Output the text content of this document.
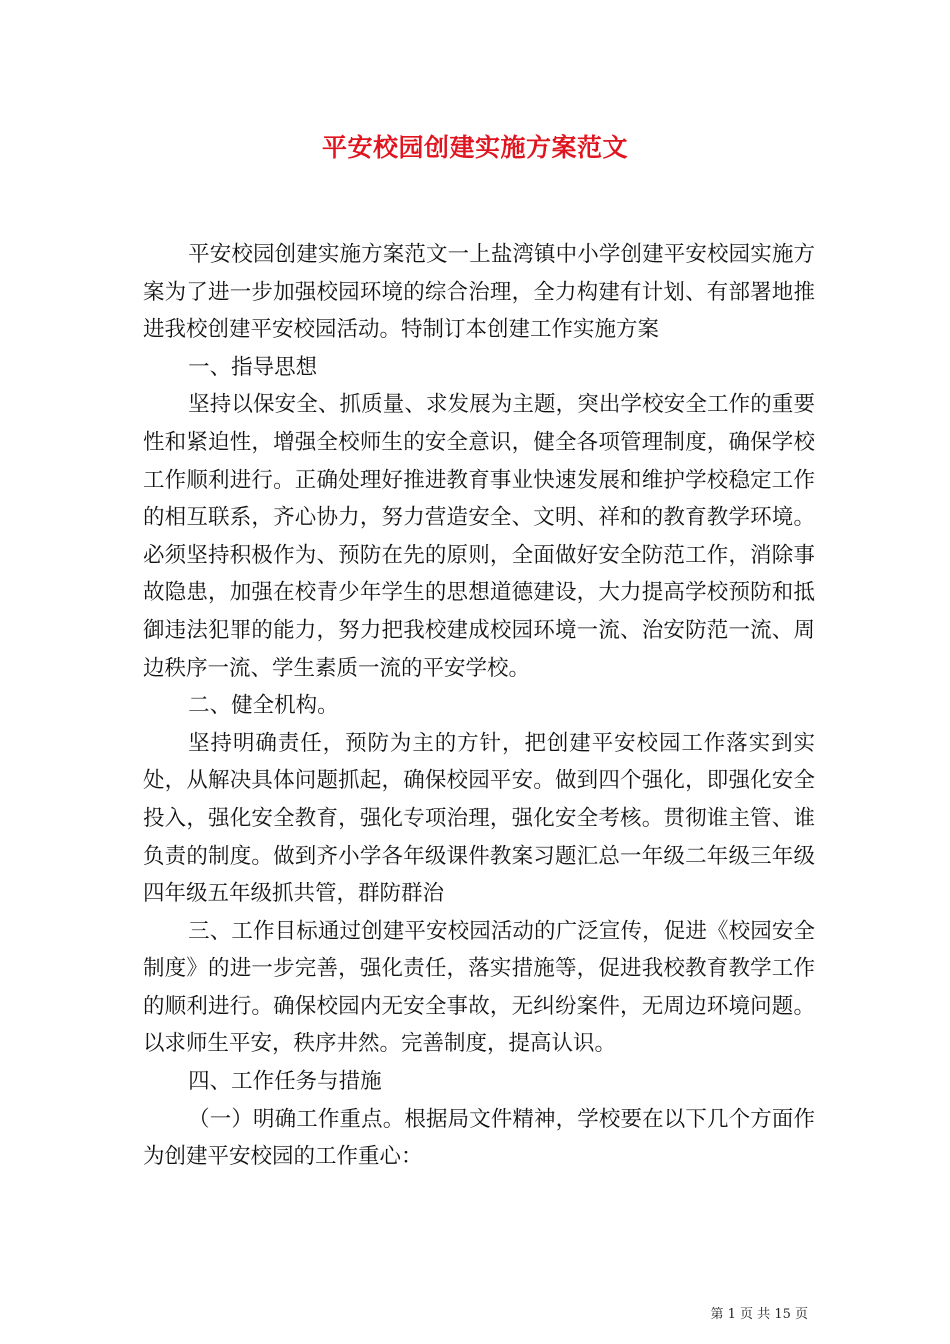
平安校园创建实施方案范文

平安校园创建实施方案范文一上盐湾镇中小学创建平安校园实施方案为了进一步加强校园环境的综合治理，全力构建有计划、有部署地推进我校创建平安校园活动。特制订本创建工作实施方案

一、指导思想

坚持以保安全、抓质量、求发展为主题，突出学校安全工作的重要性和紧迫性，增强全校师生的安全意识，健全各项管理制度，确保学校工作顺利进行。正确处理好推进教育事业快速发展和维护学校稳定工作的相互联系，齐心协力，努力营造安全、文明、祥和的教育教学环境。必须坚持积极作为、预防在先的原则，全面做好安全防范工作，消除事故隐患，加强在校青少年学生的思想道德建设，大力提高学校预防和抵御违法犯罪的能力，努力把我校建成校园环境一流、治安防范一流、周边秩序一流、学生素质一流的平安学校。

二、健全机构。

坚持明确责任，预防为主的方针，把创建平安校园工作落实到实处，从解决具体问题抓起，确保校园平安。做到四个强化，即强化安全投入，强化安全教育，强化专项治理，强化安全考核。贯彻谁主管、谁负责的制度。做到齐小学各年级课件教案习题汇总一年级二年级三年级四年级五年级抓共管，群防群治

三、工作目标通过创建平安校园活动的广泛宣传，促进《校园安全制度》的进一步完善，强化责任，落实措施等，促进我校教育教学工作的顺利进行。确保校园内无安全事故，无纠纷案件，无周边环境问题。以求师生平安，秩序井然。完善制度，提高认识。

四、工作任务与措施

（一）明确工作重点。根据局文件精神，学校要在以下几个方面作为创建平安校园的工作重心：

第 1 页 共 15 页
